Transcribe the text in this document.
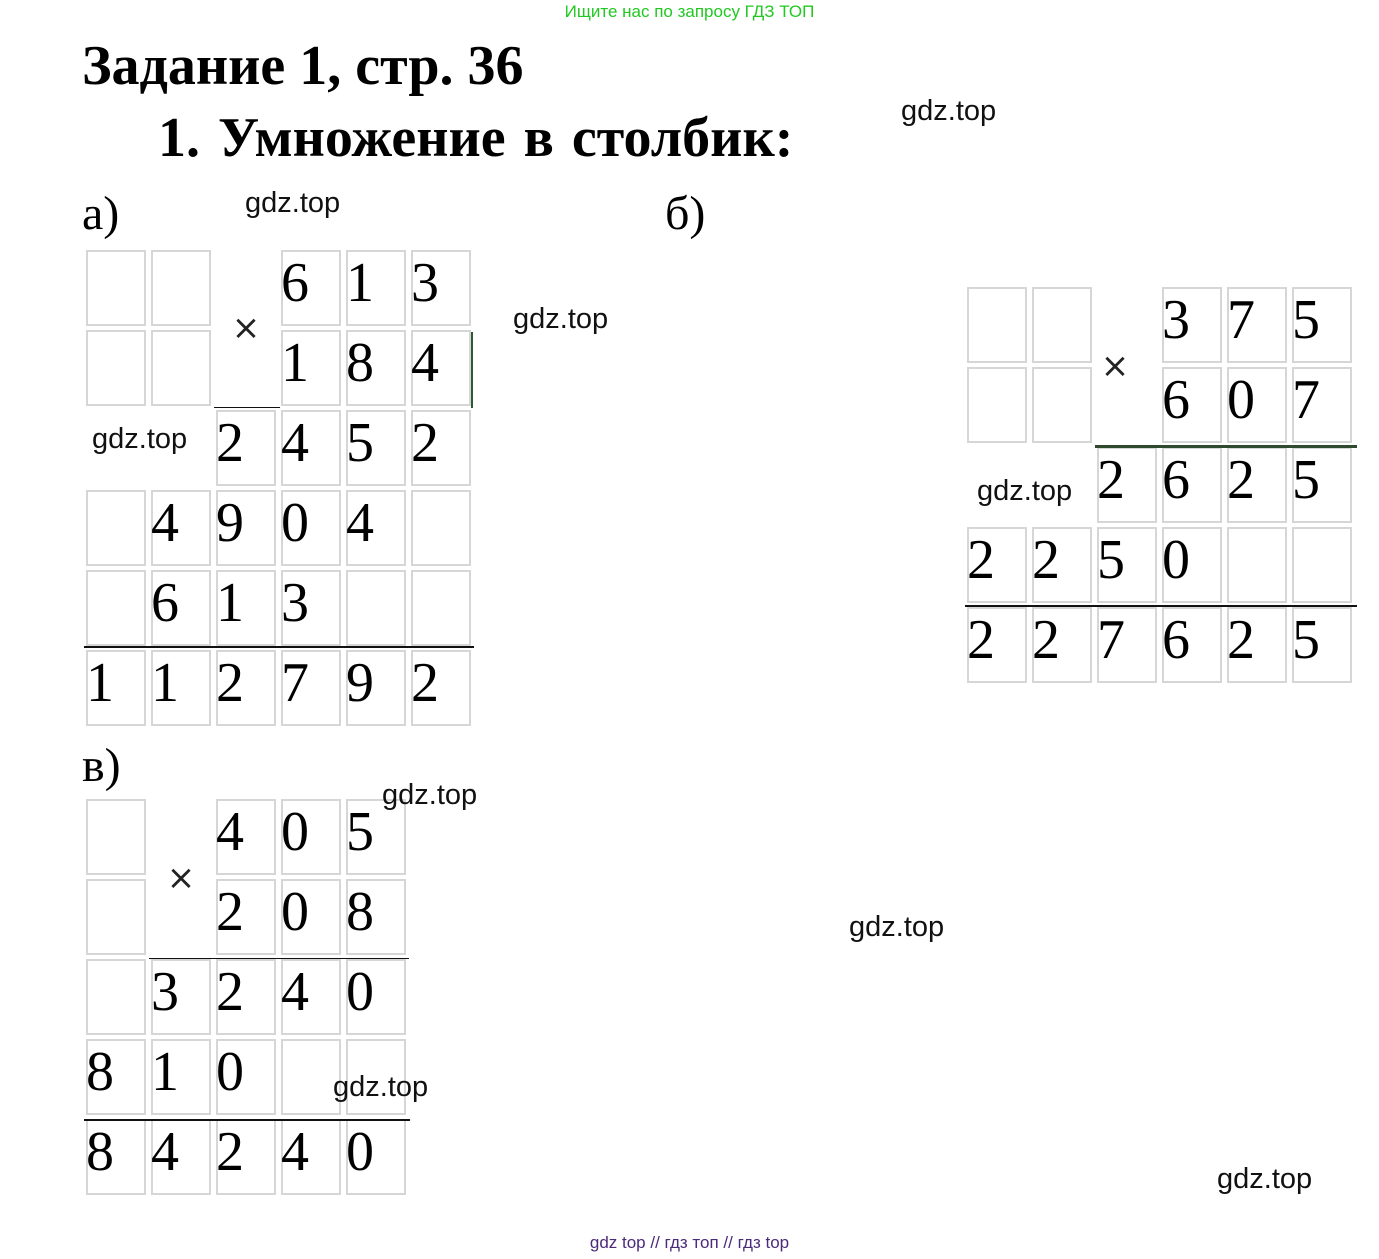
Ищите нас по запросу ГДЗ ТОП
Задание 1, стр. 36
1. Умножение в столбик:
а)	б)
в)
1 1 2 7 9 2
6 1 3
4 9 0 4
2 4 5 2
1 8 4
6 1 3
×
2 2 7 6 2 5
2 2 5 0
2 6 2 5
6 0 7
3 7 5
×
8 4 2 4 0
8 1 0
3 2 4 0
2 0 8
4 0 5
×
gdz.top
gdz.top
gdz.top
gdz.top
gdz.top
gdz.top
gdz.top
gdz.top
gdz.top
gdz top // гдз топ // гдз top
